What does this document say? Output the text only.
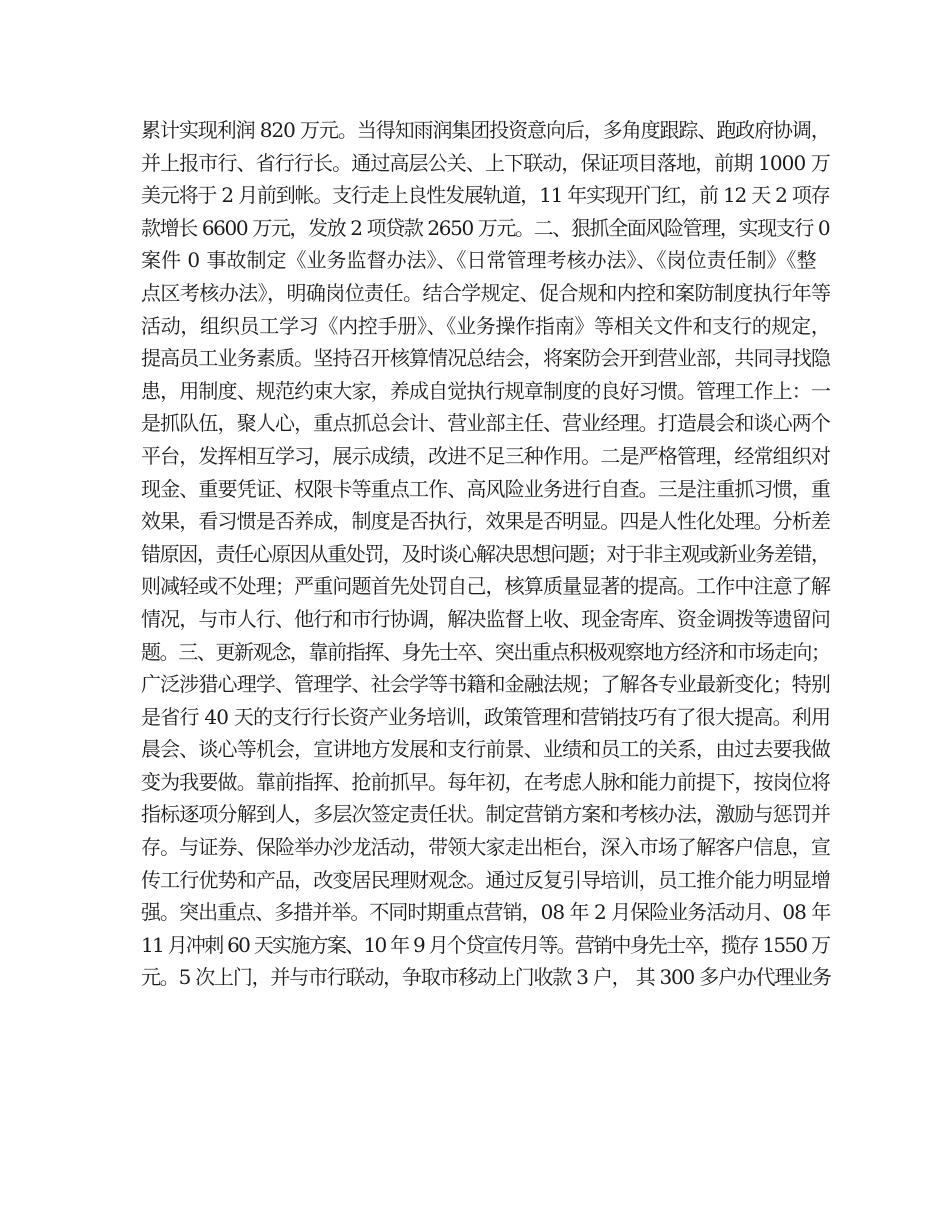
累计实现利润 820 万元。当得知雨润集团投资意向后，多角度跟踪、跑政府协调，
并上报市行、省行行长。通过高层公关、上下联动，保证项目落地，前期 1000 万
美元将于 2 月前到帐。支行走上良性发展轨道，11 年实现开门红，前 12 天 2 项存
款增长 6600 万元，发放 2 项贷款 2650 万元。二、狠抓全面风险管理，实现支行 0
案件 0 事故制定《业务监督办法》、《日常管理考核办法》、《岗位责任制》《整
点区考核办法》，明确岗位责任。结合学规定、促合规和内控和案防制度执行年等
活动，组织员工学习《内控手册》、《业务操作指南》等相关文件和支行的规定，
提高员工业务素质。坚持召开核算情况总结会，将案防会开到营业部，共同寻找隐
患，用制度、规范约束大家，养成自觉执行规章制度的良好习惯。管理工作上：一
是抓队伍，聚人心，重点抓总会计、营业部主任、营业经理。打造晨会和谈心两个
平台，发挥相互学习，展示成绩，改进不足三种作用。二是严格管理，经常组织对
现金、重要凭证、权限卡等重点工作、高风险业务进行自查。三是注重抓习惯，重
效果，看习惯是否养成，制度是否执行，效果是否明显。四是人性化处理。分析差
错原因，责任心原因从重处罚，及时谈心解决思想问题；对于非主观或新业务差错，
则减轻或不处理；严重问题首先处罚自己，核算质量显著的提高。工作中注意了解
情况，与市人行、他行和市行协调，解决监督上收、现金寄库、资金调拨等遗留问
题。三、更新观念，靠前指挥、身先士卒、突出重点积极观察地方经济和市场走向；
广泛涉猎心理学、管理学、社会学等书籍和金融法规；了解各专业最新变化；特别
是省行 40 天的支行行长资产业务培训，政策管理和营销技巧有了很大提高。利用
晨会、谈心等机会，宣讲地方发展和支行前景、业绩和员工的关系，由过去要我做
变为我要做。靠前指挥、抢前抓早。每年初，在考虑人脉和能力前提下，按岗位将
指标逐项分解到人，多层次签定责任状。制定营销方案和考核办法，激励与惩罚并
存。与证券、保险举办沙龙活动，带领大家走出柜台，深入市场了解客户信息，宣
传工行优势和产品，改变居民理财观念。通过反复引导培训，员工推介能力明显增
强。突出重点、多措并举。不同时期重点营销，08 年 2 月保险业务活动月、08 年
11 月冲刺 60 天实施方案、10 年 9 月个贷宣传月等。营销中身先士卒，揽存 1550 万
元。5 次上门，并与市行联动，争取市移动上门收款 3 户， 其 300 多户办代理业务
